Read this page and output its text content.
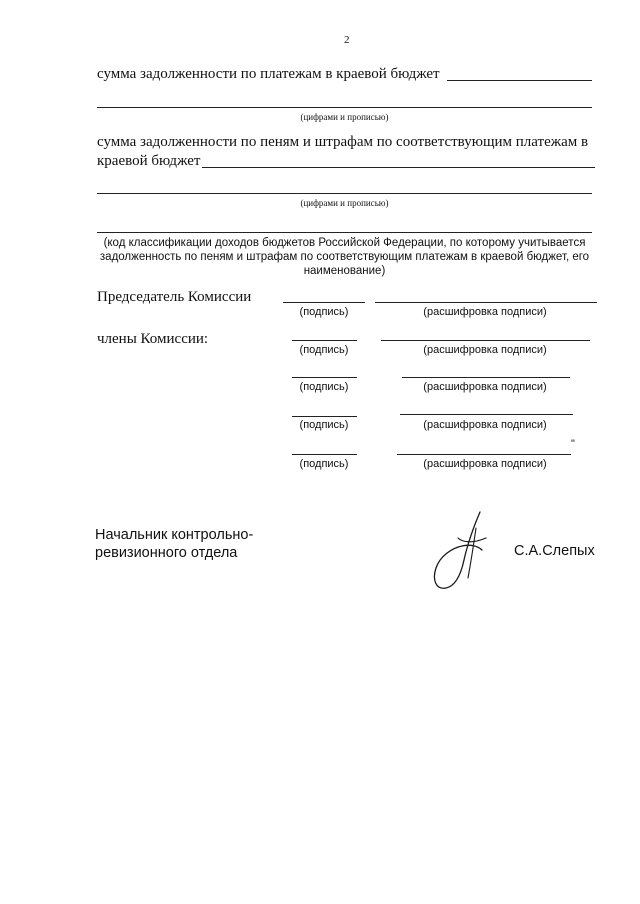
2
сумма задолженности по платежам в краевой бюджет
(цифрами и прописью)
сумма задолженности по пеням и штрафам по соответствующим платежам в
краевой бюджет
(цифрами и прописью)
(код классификации доходов бюджетов Российской Федерации, по которому учитывается
задолженность по пеням и штрафам по соответствующим платежам в краевой бюджет, его
наименование)
Председатель Комиссии
(подпись)	(расшифровка подписи)
члены Комиссии:
(подпись)	(расшифровка подписи)
(подпись)	(расшифровка подписи)
(подпись)	(расшифровка подписи)
"
(подпись)	(расшифровка подписи)
Начальник контрольно-
ревизионного отдела	С.А.Слепых
